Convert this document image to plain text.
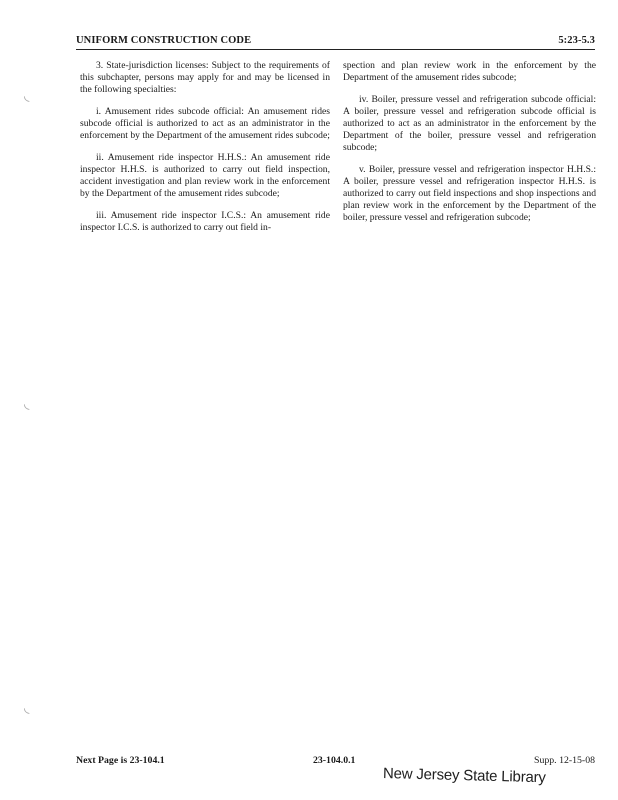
UNIFORM CONSTRUCTION CODE	5:23-5.3
◟
◟
◟

3. State-jurisdiction licenses: Subject to the requirements of this subchapter, persons may apply for and may be licensed in the following specialties:

i. Amusement rides subcode official: An amusement rides subcode official is authorized to act as an administrator in the enforcement by the Department of the amusement rides subcode;

ii. Amusement ride inspector H.H.S.: An amusement ride inspector H.H.S. is authorized to carry out field inspection, accident investigation and plan review work in the enforcement by the Department of the amusement rides subcode;

iii. Amusement ride inspector I.C.S.: An amusement ride inspector I.C.S. is authorized to carry out field in-

spection and plan review work in the enforcement by the Department of the amusement rides subcode;

iv. Boiler, pressure vessel and refrigeration subcode official: A boiler, pressure vessel and refrigeration subcode official is authorized to act as an administrator in the enforcement by the Department of the boiler, pressure vessel and refrigeration subcode;

v. Boiler, pressure vessel and refrigeration inspector H.H.S.: A boiler, pressure vessel and refrigeration inspector H.H.S. is authorized to carry out field inspections and shop inspections and plan review work in the enforcement by the Department of the boiler, pressure vessel and refrigeration subcode;

Next Page is 23-104.1	23-104.0.1	Supp. 12-15-08
New Jersey State Library
